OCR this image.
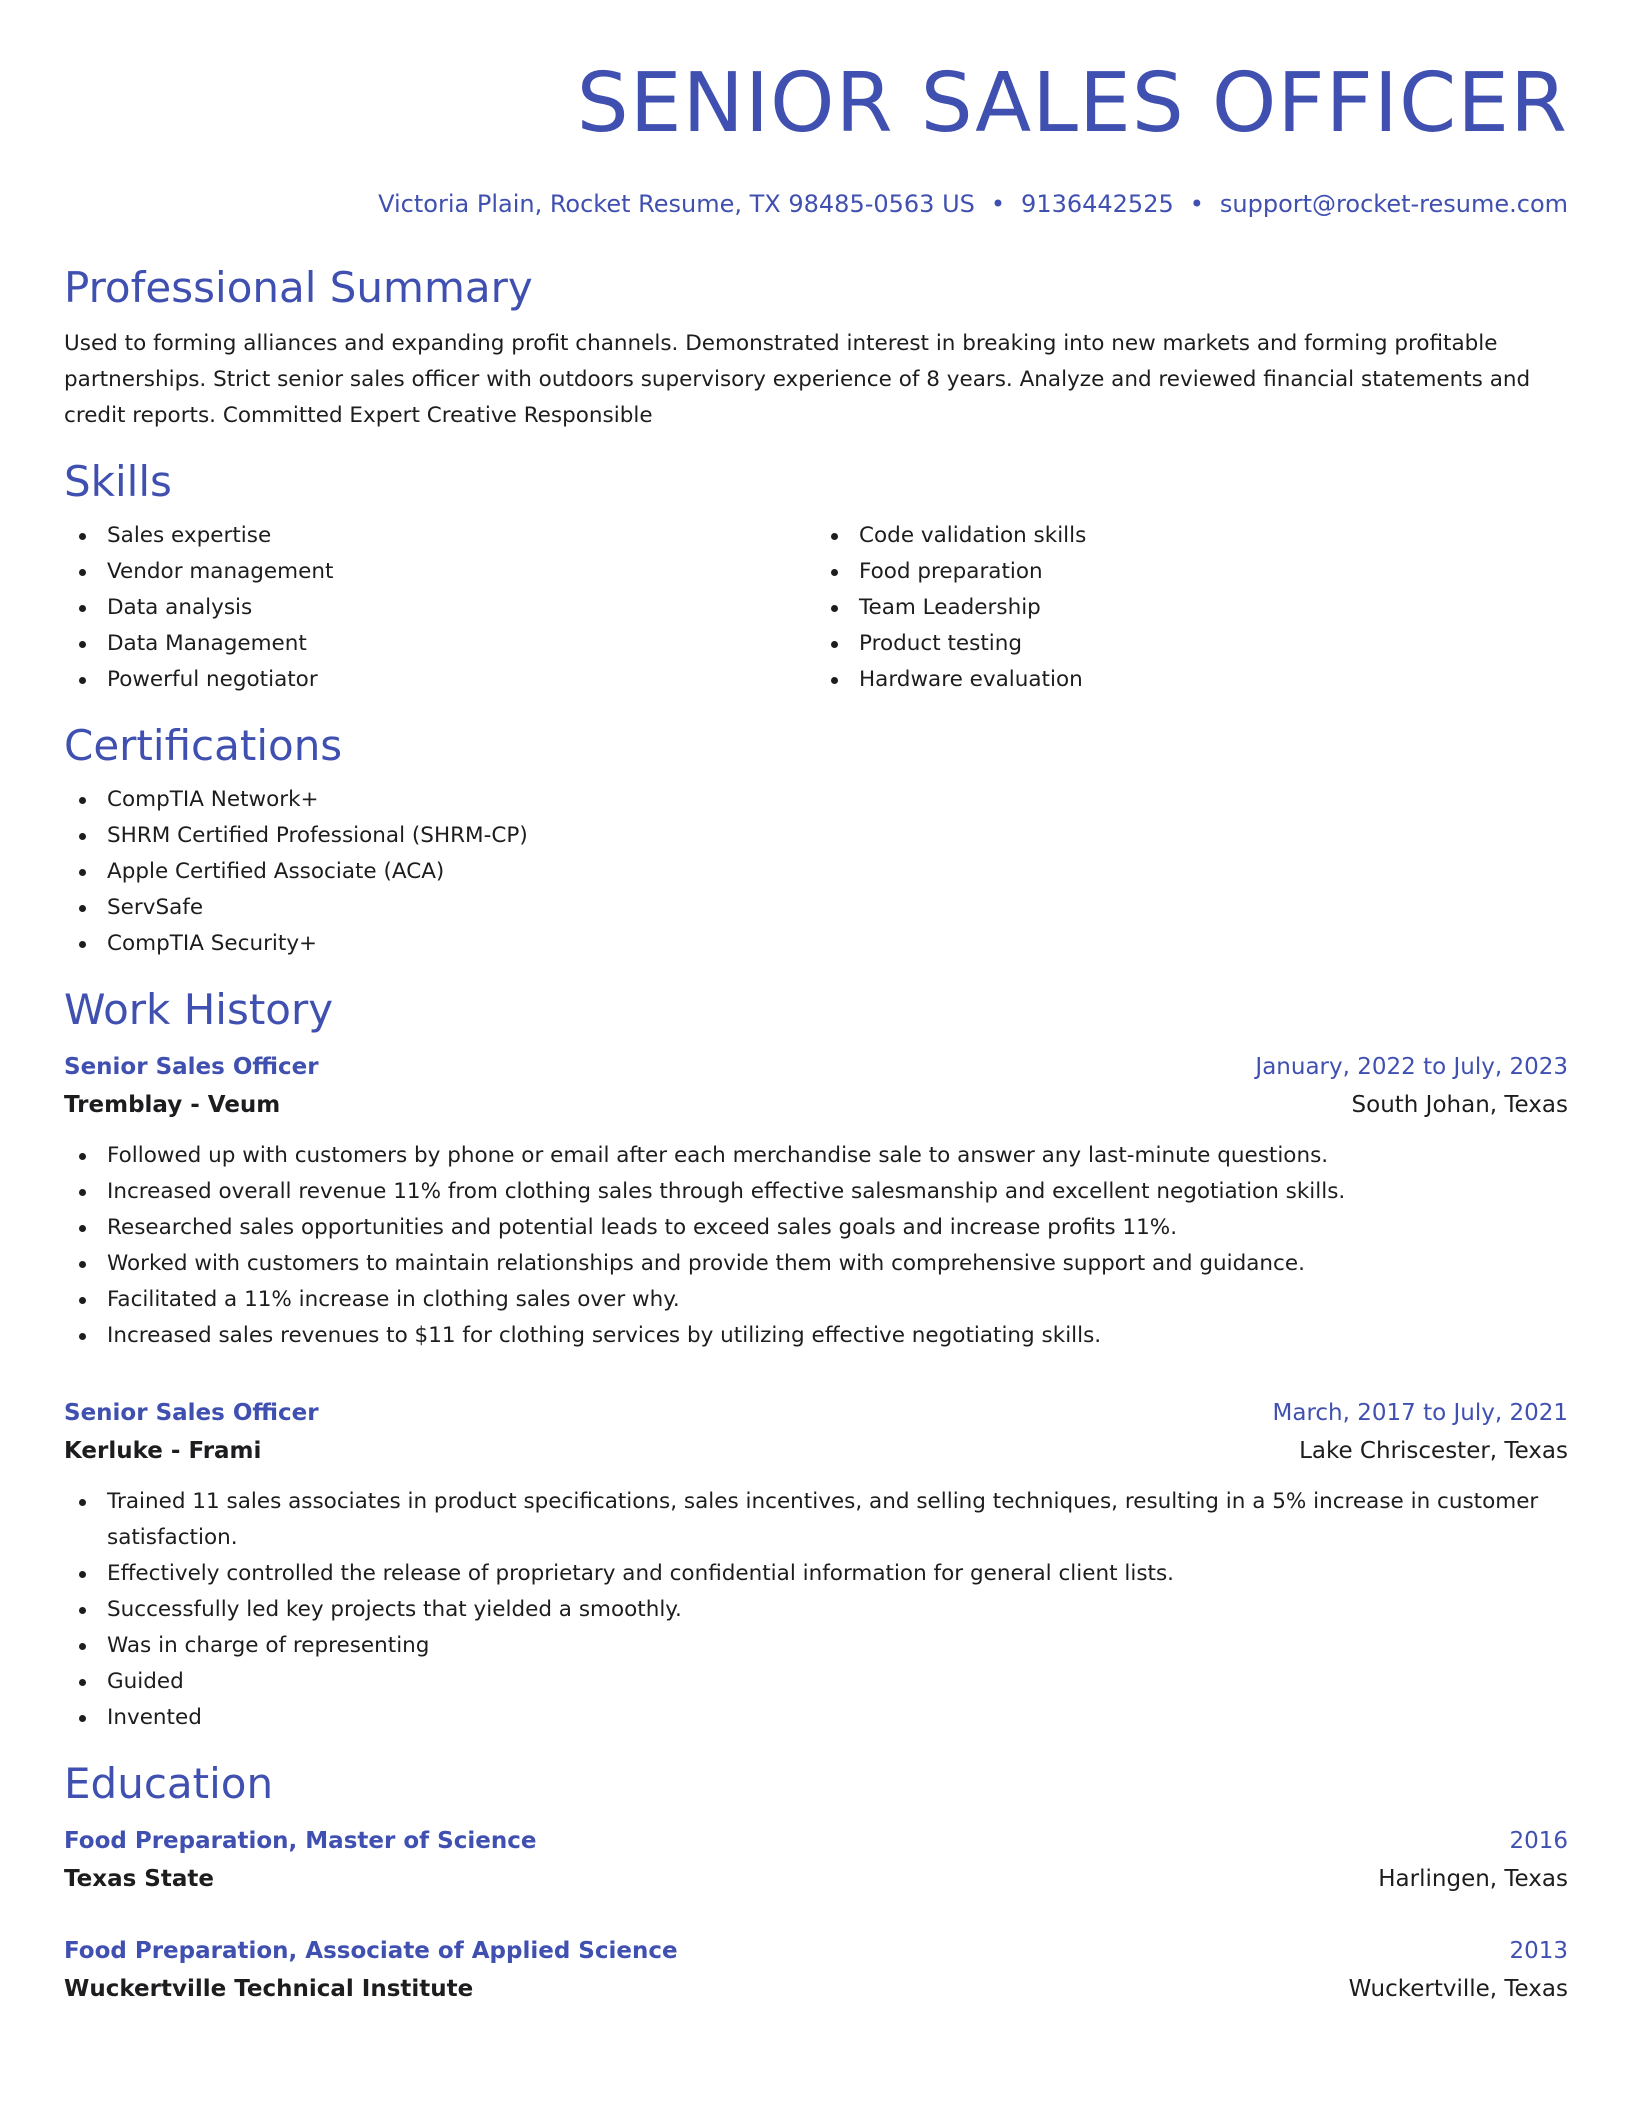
SENIOR SALES OFFICER
Victoria Plain, Rocket Resume, TX 98485-0563 US • 9136442525 • support@rocket-resume.com
Professional Summary

Used to forming alliances and expanding profit channels. Demonstrated interest in breaking into new markets and forming profitable partnerships. Strict senior sales officer with outdoors supervisory experience of 8 years. Analyze and reviewed financial statements and credit reports. Committed Expert Creative Responsible

Skills
Sales expertise
Vendor management
Data analysis
Data Management
Powerful negotiator
Code validation skills
Food preparation
Team Leadership
Product testing
Hardware evaluation
Certifications
CompTIA Network+
SHRM Certified Professional (SHRM-CP)
Apple Certified Associate (ACA)
ServSafe
CompTIA Security+
Work History
Senior Sales Officer	January, 2022 to July, 2023
Tremblay - Veum	South Johan, Texas
Followed up with customers by phone or email after each merchandise sale to answer any last-minute questions.
Increased overall revenue 11% from clothing sales through effective salesmanship and excellent negotiation skills.
Researched sales opportunities and potential leads to exceed sales goals and increase profits 11%.
Worked with customers to maintain relationships and provide them with comprehensive support and guidance.
Facilitated a 11% increase in clothing sales over why.
Increased sales revenues to $11 for clothing services by utilizing effective negotiating skills.
Senior Sales Officer	March, 2017 to July, 2021
Kerluke - Frami	Lake Chriscester, Texas
Trained 11 sales associates in product specifications, sales incentives, and selling techniques, resulting in a 5% increase in customer satisfaction.
Effectively controlled the release of proprietary and confidential information for general client lists.
Successfully led key projects that yielded a smoothly.
Was in charge of representing
Guided
Invented
Education
Food Preparation, Master of Science	2016
Texas State	Harlingen, Texas
Food Preparation, Associate of Applied Science	2013
Wuckertville Technical Institute	Wuckertville, Texas
